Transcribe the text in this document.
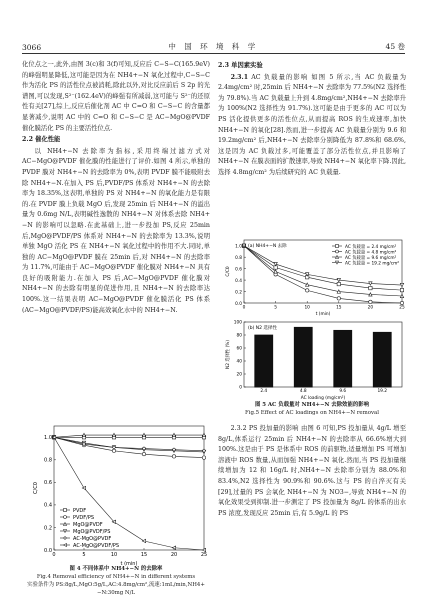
3066	中 国 环 境 科 学	45 卷

化位点之一,此外,由图 3(c)和 3(f)可知,反应后 C−S−C(165.9eV)的峰强明显降低,这可能是因为在 NH4+−N 氧化过程中,C−S−C 作为活化 PS 的活性位点被消耗,除此以外,对比反应前后 S 2p 的光谱图,可以发现,S²⁻(162.4eV)的峰强有所减弱,这可能与 S²⁻的还原性有关[27],综上,反应后催化剂 AC 中 C=O 和 C−S−C 的含量都显著减少,说明 AC 中的 C=O 和 C−S−C 是 AC−MgO@PVDF 催化膜活化 PS 的主要活性位点.

2.2 催化性能

以 NH4+−N 去除率为指标,采用终端过滤方式对 AC−MgO@PVDF 催化膜的性能进行了评价.如图 4 所示,单独的 PVDF 膜对 NH4+−N 的去除率为 0%,表明 PVDF 膜不能吸附去除 NH4+−N.在加入 PS 后,PVDF/PS 体系对 NH4+−N 的去除率为 18.35%,这表明,单独的 PS 对 NH4+−N 的氧化能力是有限的.在 PVDF 膜上负载 MgO 后,发现 25min 后 NH4+−N 的溢出量为 0.6mg N/L,表明碱性逸散的 NH4+−N 对体系去除 NH4+−N 的影响可以忽略.在此基础上,进一步投加 PS,反应 25min 后,MgO@PVDF/PS 体系对 NH4+−N 的去除率为 13.3%,说明单独 MgO 活化 PS 在 NH4+−N 氧化过程中的作用不大.同时,单独的 AC−MgO@PVDF 膜在 25min 后,对 NH4+−N 的去除率为 11.7%,可能由于 AC−MgO@PVDF 催化膜对 NH4+−N 具有良好的吸附能力.在加入 PS 后,AC−MgO@PVDF 催化膜对 NH4+−N 的去除有明显的促进作用,且 NH4+−N 的去除率达 100%.这一结果表明 AC−MgO@PVDF 催化膜活化 PS 体系(AC−MgO@PVDF/PS)能高效氧化水中的 NH4+−N.

0.0
0.2
0.4
0.6
0.8
1.0
0	5	10	15	20	25
t (min)
C/C0
PVDF
PVDF/PS
MgO@PVDF
MgO@PVDF/PS
AC-MgO@PVDF
AC-MgO@PVDF/PS
图 4 不同体系中 NH4+−N 的去除率
Fig.4 Removal efficiency of NH4+−N in different systems
实验条件为 PS:8g/L,MgO:5g/L,AC:4.8mg/cm²,流速:1mL/min,NH4+−N:30mg N/L

2.3 单因素实验

2.3.1 AC 负载量的影响 如图 5 所示,当 AC 负载量为 2.4mg/cm² 时,25min 后 NH4+−N 去除率为 77.5%(N2 选择性为 79.8%).当 AC 负载量上升到 4.8mg/cm²,NH4+−N 去除率升为 100%(N2 选择性为 91.7%).这可能是由于更多的 AC 可以为 PS 活化提供更多的活性位点,从而提高 ROS 的生成速率,加快 NH4+−N 的氧化[28].然而,进一步提高 AC 负载量分别为 9.6 和 19.2mg/cm² 后,NH4+−N 去除率分别降低为 87.8%和 68.6%,这是因为 AC 负载过多,可能覆盖了部分活性位点,并且影响了 NH4+−N 在膜表面的扩散速率,导致 NH4+−N 氧化率下降.因此,选择 4.8mg/cm² 为后续研究的 AC 负载量.

0.0
0.2
0.4
0.6
0.8
1.0
0	5	10	15	20	25
t (min)
C/C0
AC 负载量 = 2.4 mg/cm²
AC 负载量 = 4.8 mg/cm²
AC 负载量 = 9.6 mg/cm²
AC 负载量 = 19.2 mg/cm²
(a) NH4+−N 去除
0
20
40
60
80
100
2.4	4.8	9.6	19.2
AC loading (mg/cm²)
N2 选择性 (%)
(b) N2 选择性
图 5 AC 负载量对 NH4+−N 去除效能的影响
Fig.5 Effect of AC loadings on NH4+−N removal

2.3.2 PS 投加量的影响 由图 6 可知,PS 投加量从 4g/L 增至 8g/L,体系运行 25min 后 NH4+−N 的去除率从 66.6%增大到 100%.这是由于 PS 是体系中 ROS 的前驱物,适量增加 PS 可增加溶液中 ROS 数量,从而加强 NH4+−N 氧化.然而,当 PS 投加量继续增加为 12 和 16g/L 时,NH4+−N 去除率分别为 88.0%和 83.4%,N2 选择性为 90.9%和 90.6%.这与 PS 的自淬灭有关[29],过量的 PS 会氧化 NH4+−N 为 NO3−,导致 NH4+−N 的氧化效果受到抑制.进一步测定了 PS 投加量为 8g/L 的体系的出水 PS 浓度,发现反应 25min 后,有 5.9g/L 的 PS
